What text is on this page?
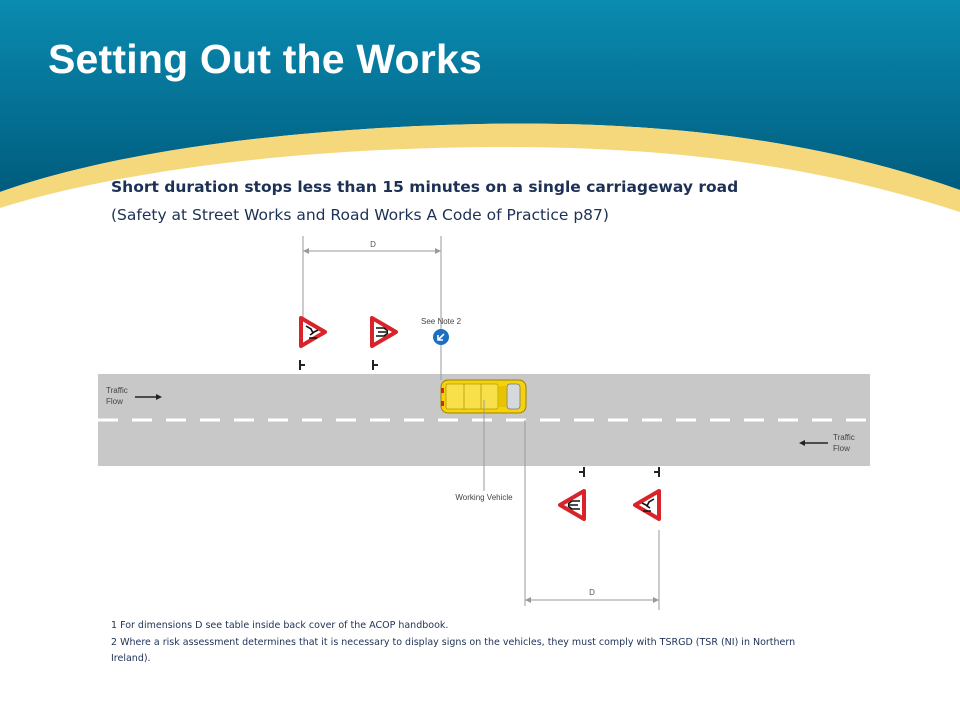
Setting Out the Works
Short duration stops less than 15 minutes on a single carriageway road
(Safety at Street Works and Road Works A Code of Practice p87)
D
D
See Note 2
Traffic
Flow
Traffic
Flow
Working Vehicle
1 For dimensions D see table inside back cover of the ACOP handbook.
2 Where a risk assessment determines that it is necessary to display signs on the vehicles, they must comply with TSRGD (TSR (NI) in Northern Ireland).
